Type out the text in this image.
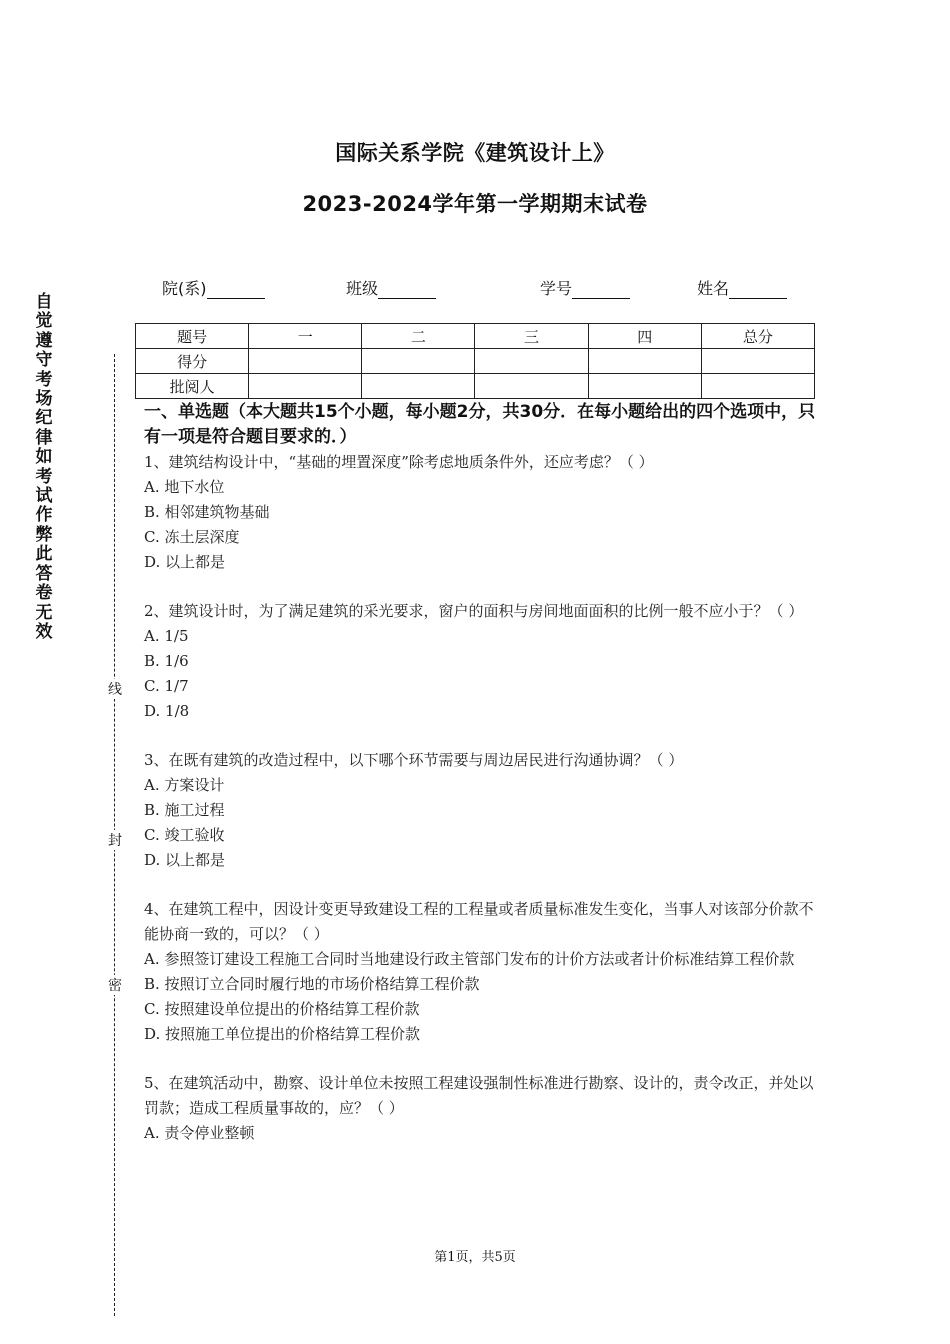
国际关系学院《建筑设计上》
2023-2024学年第一学期期末试卷
院(系)	班级	学号	姓名
题号	一	二	三	四	总分
得分					
批阅人					
自觉遵守考场纪律如考试作弊此答卷无效
线
封
密
一、单选题（本大题共15个小题，每小题2分，共30分．在每小题给出的四个选项中，只有一项是符合题目要求的．）
1、建筑结构设计中，“基础的埋置深度”除考虑地质条件外，还应考虑？（ ）
A. 地下水位
B. 相邻建筑物基础
C. 冻土层深度
D. 以上都是
2、建筑设计时，为了满足建筑的采光要求，窗户的面积与房间地面面积的比例一般不应小于？（ ）
A. 1/5
B. 1/6
C. 1/7
D. 1/8
3、在既有建筑的改造过程中，以下哪个环节需要与周边居民进行沟通协调？（ ）
A. 方案设计
B. 施工过程
C. 竣工验收
D. 以上都是
4、在建筑工程中，因设计变更导致建设工程的工程量或者质量标准发生变化，当事人对该部分价款不能协商一致的，可以？（ ）
A. 参照签订建设工程施工合同时当地建设行政主管部门发布的计价方法或者计价标准结算工程价款
B. 按照订立合同时履行地的市场价格结算工程价款
C. 按照建设单位提出的价格结算工程价款
D. 按照施工单位提出的价格结算工程价款
5、在建筑活动中，勘察、设计单位未按照工程建设强制性标准进行勘察、设计的，责令改正，并处以罚款；造成工程质量事故的，应？（ ）
A. 责令停业整顿
第1页，共5页
